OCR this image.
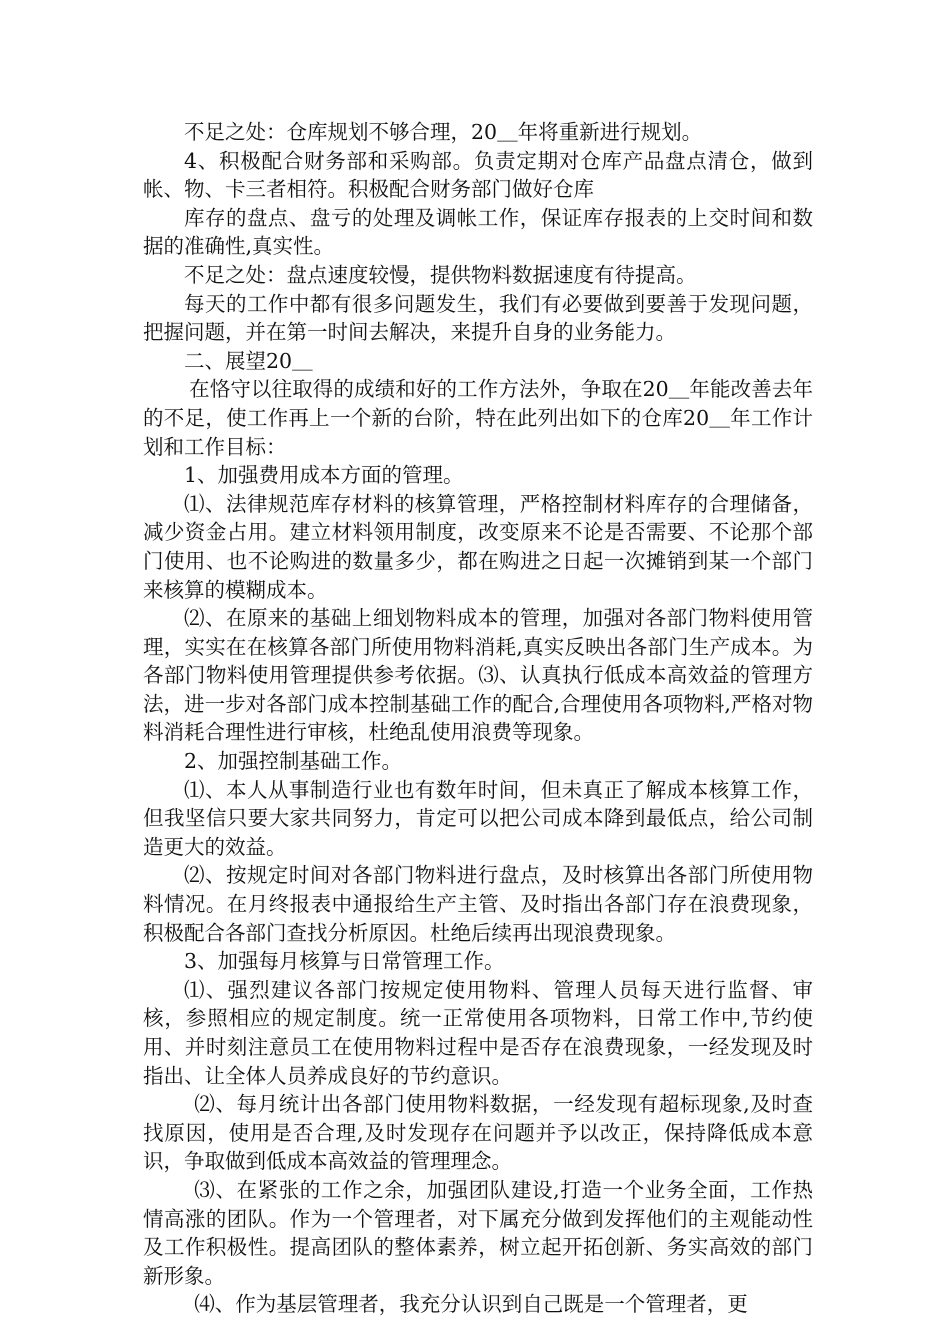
不足之处：仓库规划不够合理，20＿年将重新进行规划。

4、积极配合财务部和采购部。负责定期对仓库产品盘点清仓，做到帐、物、卡三者相符。积极配合财务部门做好仓库

库存的盘点、盘亏的处理及调帐工作，保证库存报表的上交时间和数据的准确性,真实性。

不足之处：盘点速度较慢，提供物料数据速度有待提高。

每天的工作中都有很多问题发生，我们有必要做到要善于发现问题，把握问题，并在第一时间去解决，来提升自身的业务能力。

二、展望20＿

在恪守以往取得的成绩和好的工作方法外，争取在20＿年能改善去年的不足，使工作再上一个新的台阶，特在此列出如下的仓库20＿年工作计划和工作目标：

1、加强费用成本方面的管理。

⑴、法律规范库存材料的核算管理，严格控制材料库存的合理储备，减少资金占用。建立材料领用制度，改变原来不论是否需要、不论那个部门使用、也不论购进的数量多少，都在购进之日起一次摊销到某一个部门来核算的模糊成本。

⑵、在原来的基础上细划物料成本的管理，加强对各部门物料使用管理，实实在在核算各部门所使用物料消耗,真实反映出各部门生产成本。为各部门物料使用管理提供参考依据。⑶、认真执行低成本高效益的管理方法，进一步对各部门成本控制基础工作的配合,合理使用各项物料,严格对物料消耗合理性进行审核，杜绝乱使用浪费等现象。

2、加强控制基础工作。

⑴、本人从事制造行业也有数年时间，但未真正了解成本核算工作，但我坚信只要大家共同努力，肯定可以把公司成本降到最低点，给公司制造更大的效益。

⑵、按规定时间对各部门物料进行盘点，及时核算出各部门所使用物料情况。在月终报表中通报给生产主管、及时指出各部门存在浪费现象，积极配合各部门查找分析原因。杜绝后续再出现浪费现象。

3、加强每月核算与日常管理工作。

⑴、强烈建议各部门按规定使用物料、管理人员每天进行监督、审核，参照相应的规定制度。统一正常使用各项物料，日常工作中,节约使用、并时刻注意员工在使用物料过程中是否存在浪费现象，一经发现及时指出、让全体人员养成良好的节约意识。

⑵、每月统计出各部门使用物料数据，一经发现有超标现象,及时查找原因，使用是否合理,及时发现存在问题并予以改正，保持降低成本意识，争取做到低成本高效益的管理理念。

⑶、在紧张的工作之余，加强团队建设,打造一个业务全面，工作热情高涨的团队。作为一个管理者，对下属充分做到发挥他们的主观能动性及工作积极性。提高团队的整体素养，树立起开拓创新、务实高效的部门新形象。

⑷、作为基层管理者，我充分认识到自己既是一个管理者，更
